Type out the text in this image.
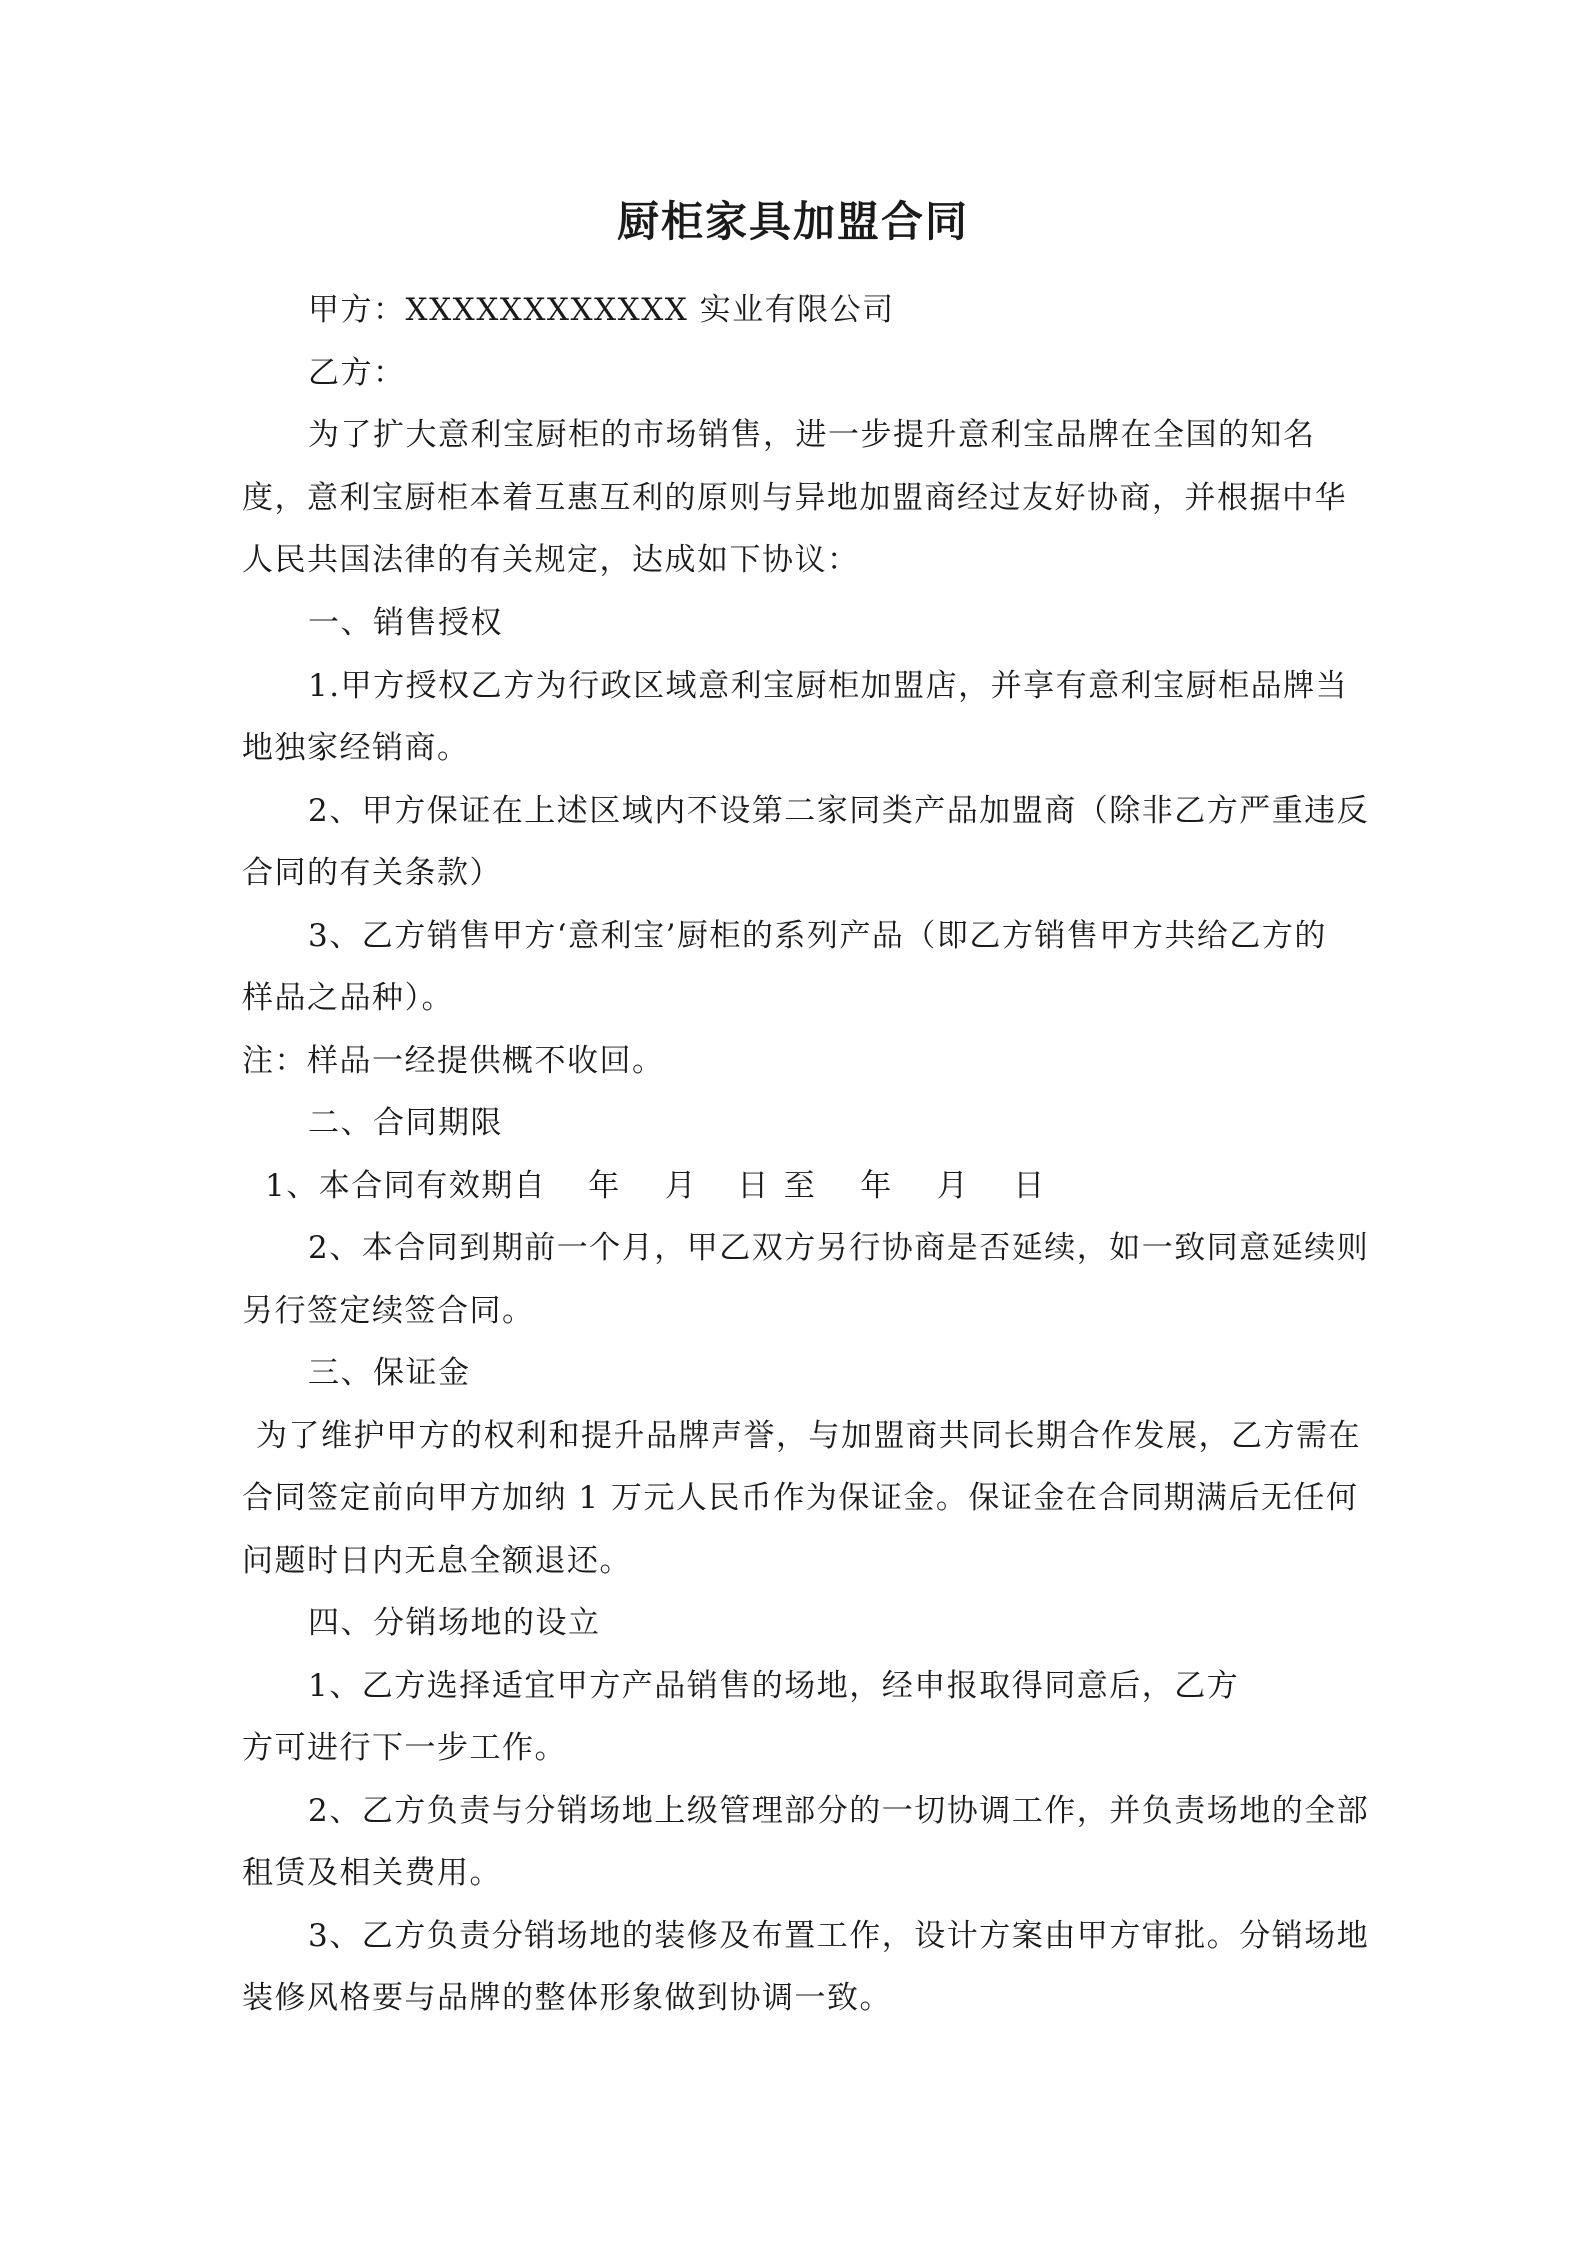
厨柜家具加盟合同
甲方：XXXXXXXXXXXX 实业有限公司
乙方：
为了扩大意利宝厨柜的市场销售，进一步提升意利宝品牌在全国的知名
度，意利宝厨柜本着互惠互利的原则与异地加盟商经过友好协商，并根据中华
人民共国法律的有关规定，达成如下协议：
一、销售授权
1.甲方授权乙方为行政区域意利宝厨柜加盟店，并享有意利宝厨柜品牌当
地独家经销商。
2、甲方保证在上述区域内不设第二家同类产品加盟商（除非乙方严重违反
合同的有关条款）
3、乙方销售甲方‘意利宝’厨柜的系列产品（即乙方销售甲方共给乙方的
样品之品种）。
注：样品一经提供概不收回。
二、合同期限
1、本合同有效期自 年 月 日 至 年 月 日
2、本合同到期前一个月，甲乙双方另行协商是否延续，如一致同意延续则
另行签定续签合同。
三、保证金
为了维护甲方的权利和提升品牌声誉，与加盟商共同长期合作发展，乙方需在
合同签定前向甲方加纳 1 万元人民币作为保证金。保证金在合同期满后无任何
问题时日内无息全额退还。
四、分销场地的设立
1、乙方选择适宜甲方产品销售的场地，经申报取得同意后，乙方
方可进行下一步工作。
2、乙方负责与分销场地上级管理部分的一切协调工作，并负责场地的全部
租赁及相关费用。
3、乙方负责分销场地的装修及布置工作，设计方案由甲方审批。分销场地
装修风格要与品牌的整体形象做到协调一致。
